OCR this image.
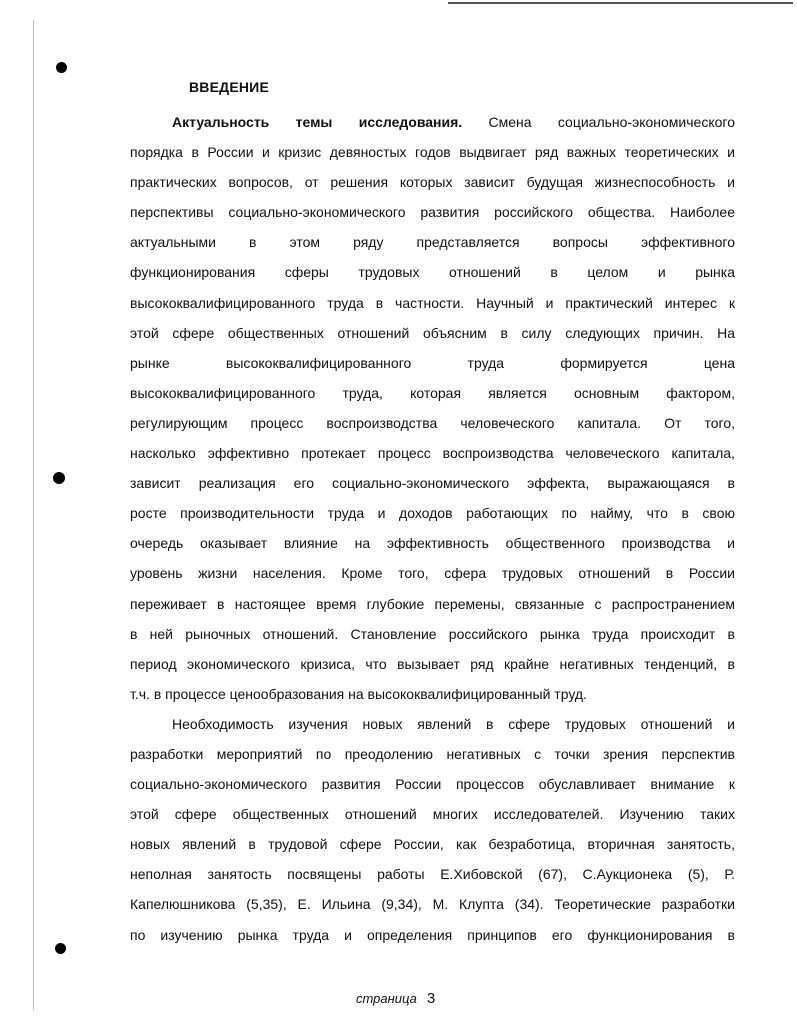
ВВЕДЕНИЕ

Актуальность темы исследования. Смена социально-экономического

порядка в России и кризис девяностых годов выдвигает ряд важных теоретических и

практических вопросов, от решения которых зависит будущая жизнеспособность и

перспективы социально-экономического развития российского общества. Наиболее

актуальными в этом ряду представляется вопросы эффективного

функционирования сферы трудовых отношений в целом и рынка

высококвалифицированного труда в частности. Научный и практический интерес к

этой сфере общественных отношений объясним в силу следующих причин. На

рынке высококвалифицированного труда формируется цена

высококвалифицированного труда, которая является основным фактором,

регулирующим процесс воспроизводства человеческого капитала. От того,

насколько эффективно протекает процесс воспроизводства человеческого капитала,

зависит реализация его социально-экономического эффекта, выражающаяся в

росте производительности труда и доходов работающих по найму, что в свою

очередь оказывает влияние на эффективность общественного производства и

уровень жизни населения. Кроме того, сфера трудовых отношений в России

переживает в настоящее время глубокие перемены, связанные с распространением

в ней рыночных отношений. Становление российского рынка труда происходит в

период экономического кризиса, что вызывает ряд крайне негативных тенденций, в

т.ч. в процессе ценообразования на высококвалифицированный труд.

Необходимость изучения новых явлений в сфере трудовых отношений и

разработки мероприятий по преодолению негативных с точки зрения перспектив

социально-экономического развития России процессов обуславливает внимание к

этой сфере общественных отношений многих исследователей. Изучению таких

новых явлений в трудовой сфере России, как безработица, вторичная занятость,

неполная занятость посвящены работы Е.Хибовской (67), С.Аукционека (5), Р.

Капелюшникова (5,35), Е. Ильина (9,34), М. Клупта (34). Теоретические разработки

по изучению рынка труда и определения принципов его функционирования в

страница 3
